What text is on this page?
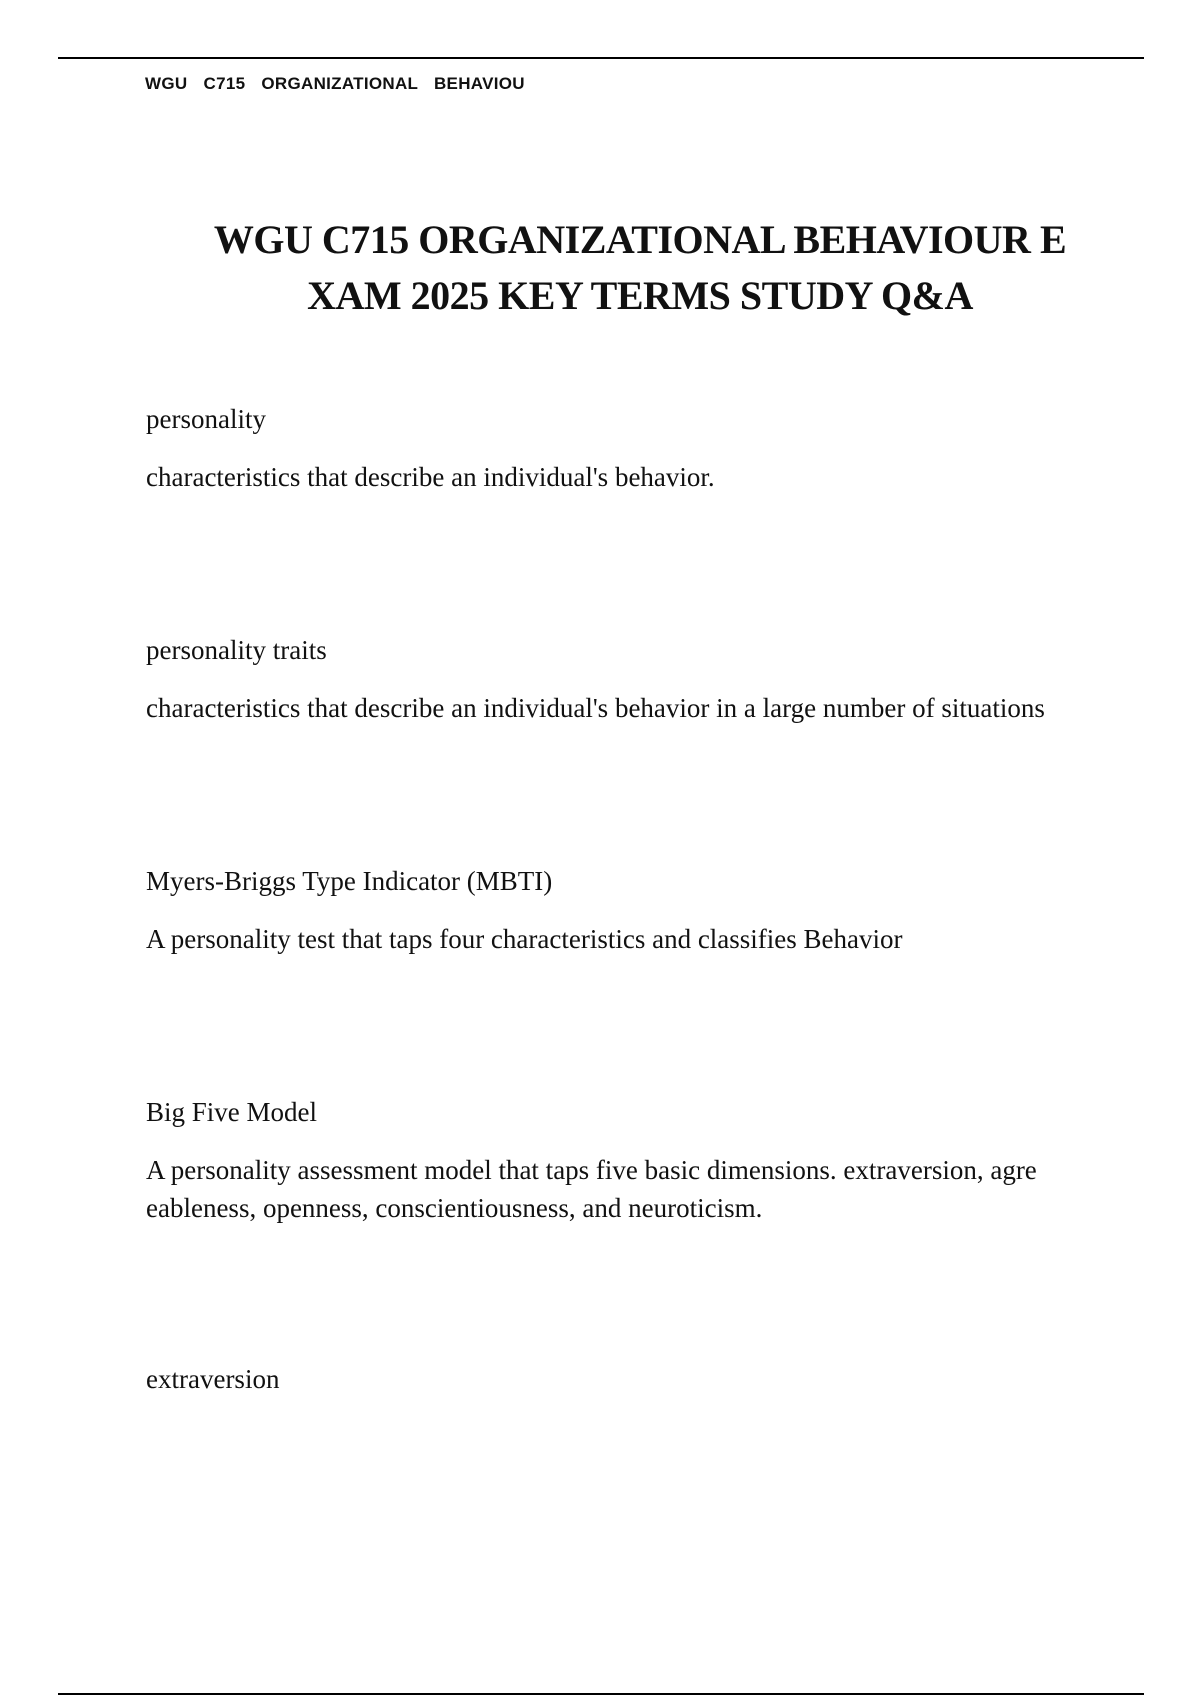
WGU  C715  ORGANIZATIONAL  BEHAVIOU
WGU C715 ORGANIZATIONAL BEHAVIOUR E
XAM 2025 KEY TERMS STUDY Q&A
personality
characteristics that describe an individual's behavior.
personality traits
characteristics that describe an individual's behavior in a large number of situations
Myers-Briggs Type Indicator (MBTI)
A personality test that taps four characteristics and classifies Behavior
Big Five Model
A personality assessment model that taps five basic dimensions. extraversion, agre eableness, openness, conscientiousness, and neuroticism.
extraversion
